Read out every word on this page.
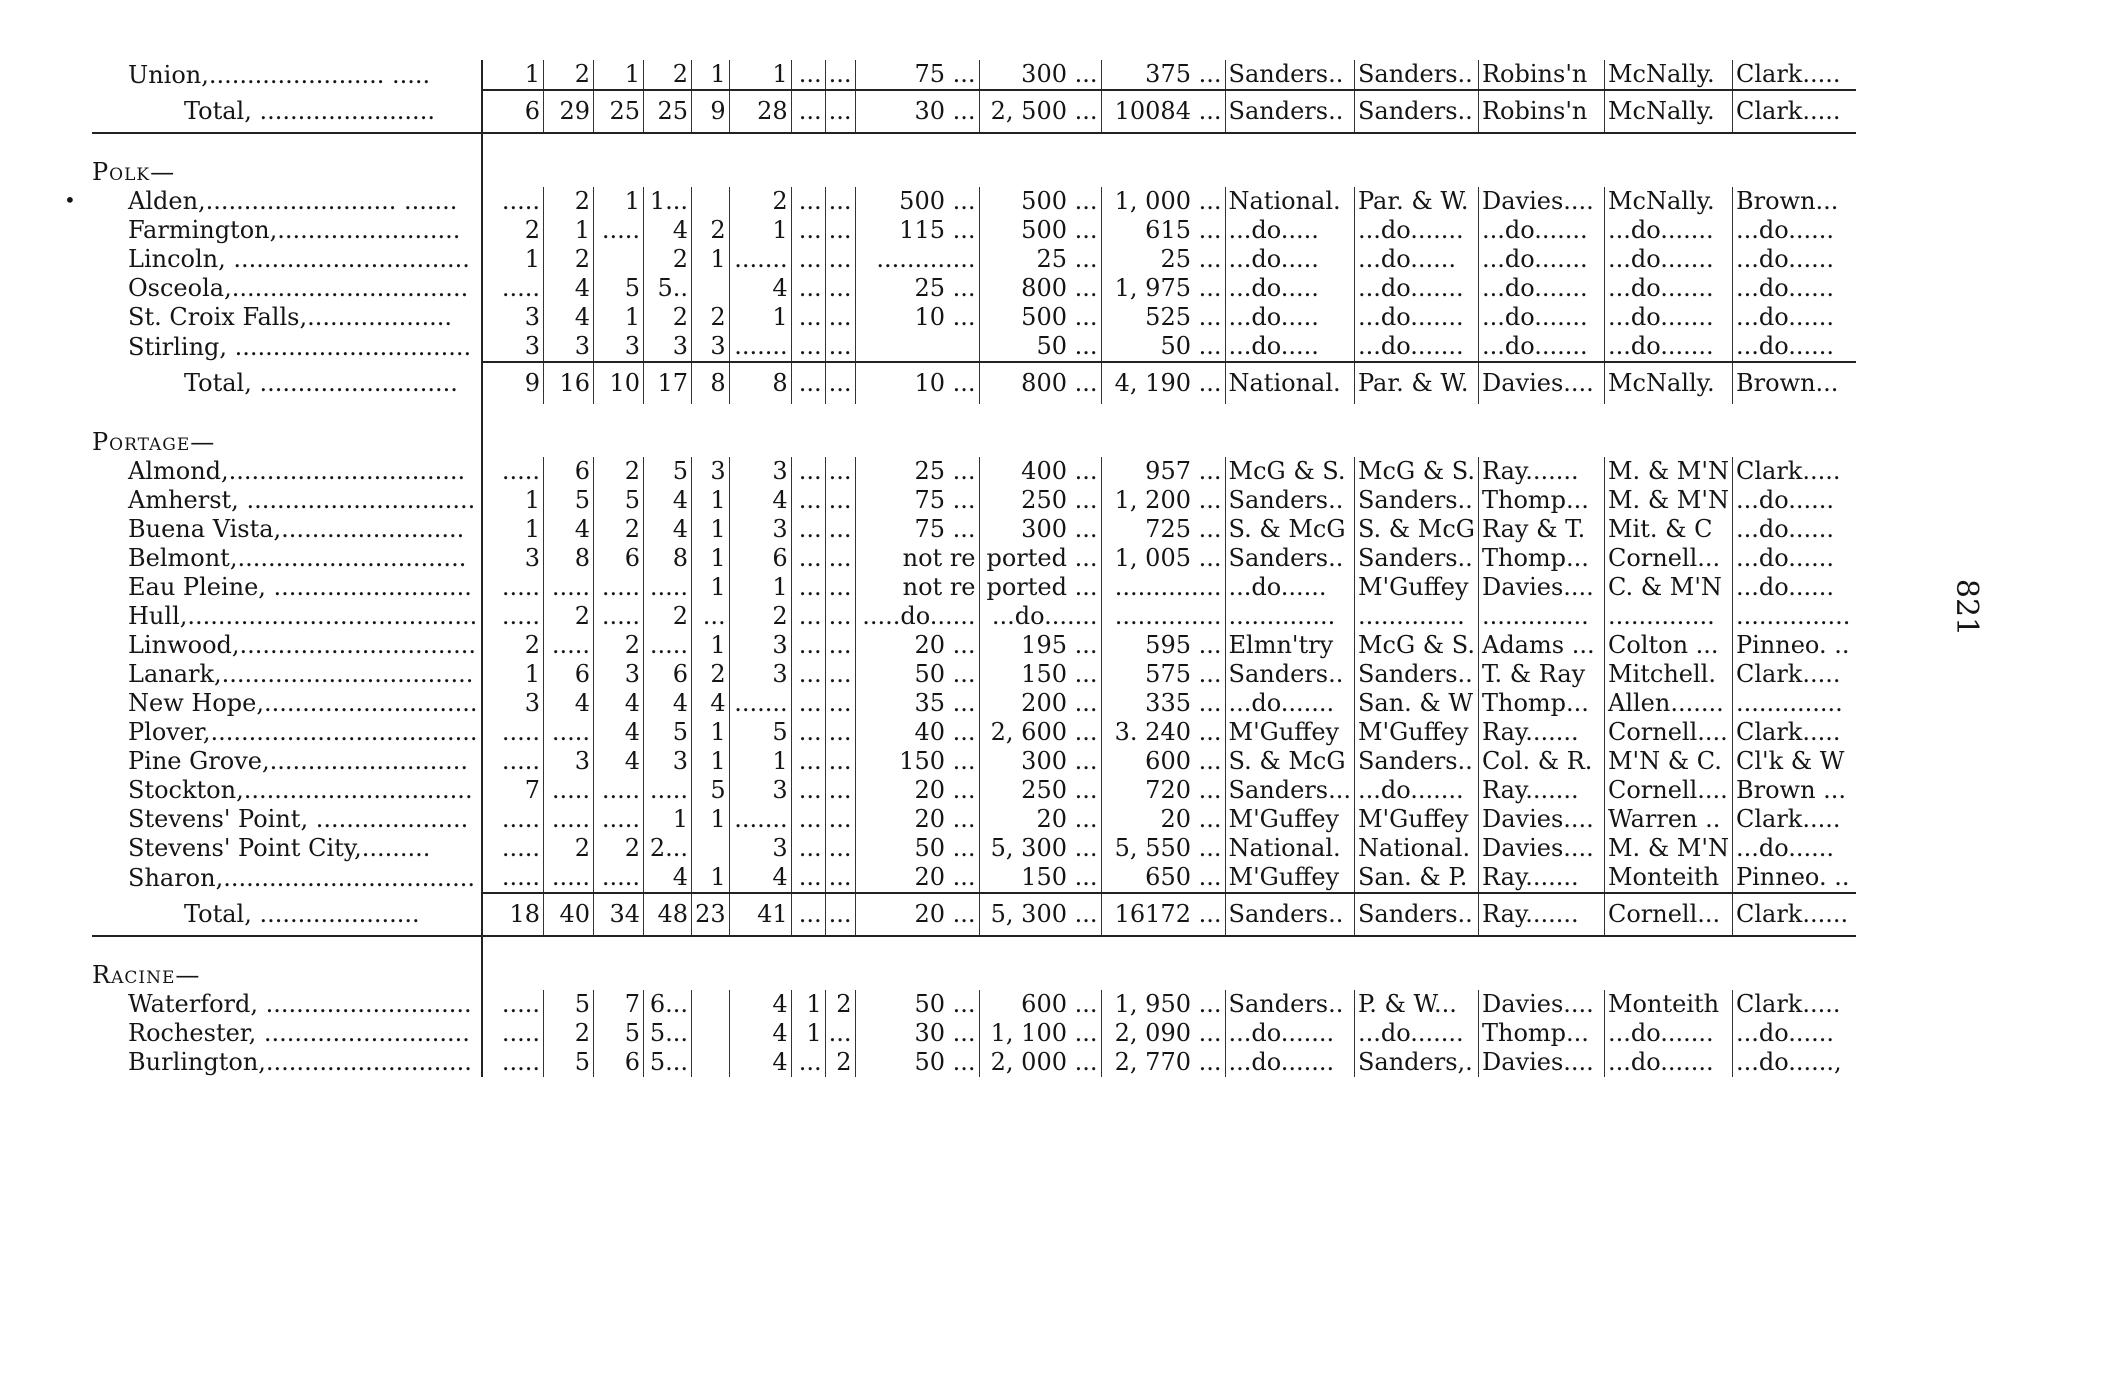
•
Union,....................... .....	1	2	1	2	1	1	...	...	75 ...	300 ...	375 ...	Sanders..	Sanders..	Robins'n	McNally.	Clark.....
Total, .......................	6	29	25	25	9	28	...	...	30 ...	2, 500 ...	10084 ...	Sanders..	Sanders..	Robins'n	McNally.	Clark.....

Polk—																
Alden,......................... .......	.....	2	1	1...		2	...	...	500 ...	500 ...	1, 000 ...	National.	Par. & W.	Davies....	McNally.	Brown...
Farmington,........................	2	1	.....	4	2	1	...	...	115 ...	500 ...	615 ...	...do.....	...do.......	...do.......	...do.......	...do......
Lincoln, ...............................	1	2		2	1	.......	...	...	.............	25 ...	25 ...	...do.....	...do......	...do.......	...do.......	...do......
Osceola,...............................	.....	4	5	5..		4	...	...	25 ...	800 ...	1, 975 ...	...do.....	...do.......	...do.......	...do.......	...do......
St. Croix Falls,...................	3	4	1	2	2	1	...	...	10 ...	500 ...	525 ...	...do.....	...do.......	...do.......	...do.......	...do......
Stirling, ...............................	3	3	3	3	3	.......	...	...		50 ...	50 ...	...do.....	...do.......	...do.......	...do.......	...do......
Total, ..........................	9	16	10	17	8	8	...	...	10 ...	800 ...	4, 190 ...	National.	Par. & W.	Davies....	McNally.	Brown...

Portage—																
Almond,...............................	.....	6	2	5	3	3	...	...	25 ...	400 ...	957 ...	McG & S.	McG & S.	Ray.......	M. & M'N	Clark.....
Amherst, ..............................	1	5	5	4	1	4	...	...	75 ...	250 ...	1, 200 ...	Sanders..	Sanders..	Thomp...	M. & M'N	...do......
Buena Vista,........................	1	4	2	4	1	3	...	...	75 ...	300 ...	725 ...	S. & McG	S. & McG	Ray & T.	Mit. & C	...do......
Belmont,..............................	3	8	6	8	1	6	...	...	not re	ported ...	1, 005 ...	Sanders..	Sanders..	Thomp...	Cornell...	...do......
Eau Pleine, ..........................	.....	.....	.....	.....	1	1	...	...	not re	ported ...	..............	...do......	M'Guffey	Davies....	C. & M'N	...do......
Hull,......................................	.....	2	.....	2	...	2	...	...	.....do......	...do.......	..............	..............	..............	..............	..............	...............
Linwood,...............................	2	.....	2	.....	1	3	...	...	20 ...	195 ...	595 ...	Elmn'try	McG & S.	Adams ...	Colton ...	Pinneo. ..
Lanark,.................................	1	6	3	6	2	3	...	...	50 ...	150 ...	575 ...	Sanders..	Sanders..	T. & Ray	Mitchell.	Clark.....
New Hope,............................	3	4	4	4	4	.......	...	...	35 ...	200 ...	335 ...	...do.......	San. & W	Thomp...	Allen.......	..............
Plover,...................................	.....	.....	4	5	1	5	...	...	40 ...	2, 600 ...	3. 240 ...	M'Guffey	M'Guffey	Ray.......	Cornell....	Clark.....
Pine Grove,..........................	.....	3	4	3	1	1	...	...	150 ...	300 ...	600 ...	S. & McG	Sanders..	Col. & R.	M'N & C.	Cl'k & W
Stockton,..............................	7	.....	.....	.....	5	3	...	...	20 ...	250 ...	720 ...	Sanders...	...do.......	Ray.......	Cornell....	Brown ...
Stevens' Point, ....................	.....	.....	.....	1	1	.......	...	...	20 ...	20 ...	20 ...	M'Guffey	M'Guffey	Davies....	Warren ..	Clark.....
Stevens' Point City,.........	.....	2	2	2...		3	...	...	50 ...	5, 300 ...	5, 550 ...	National.	National.	Davies....	M. & M'N	...do......
Sharon,.................................	.....	.....	.....	4	1	4	...	...	20 ...	150 ...	650 ...	M'Guffey	San. & P.	Ray.......	Monteith	Pinneo. ..
Total, .....................	18	40	34	48	23	41	...	...	20 ...	5, 300 ...	16172 ...	Sanders..	Sanders..	Ray.......	Cornell...	Clark......

Racine—																
Waterford, ...........................	.....	5	7	6...		4	1	2	50 ...	600 ...	1, 950 ...	Sanders..	P. & W...	Davies....	Monteith	Clark.....
Rochester, ...........................	.....	2	5	5...		4	1	...	30 ...	1, 100 ...	2, 090 ...	...do.......	...do.......	Thomp...	...do.......	...do......
Burlington,...........................	.....	5	6	5...		4	...	2	50 ...	2, 000 ...	2, 770 ...	...do.......	Sanders,.	Davies....	...do.......	...do......,
821
